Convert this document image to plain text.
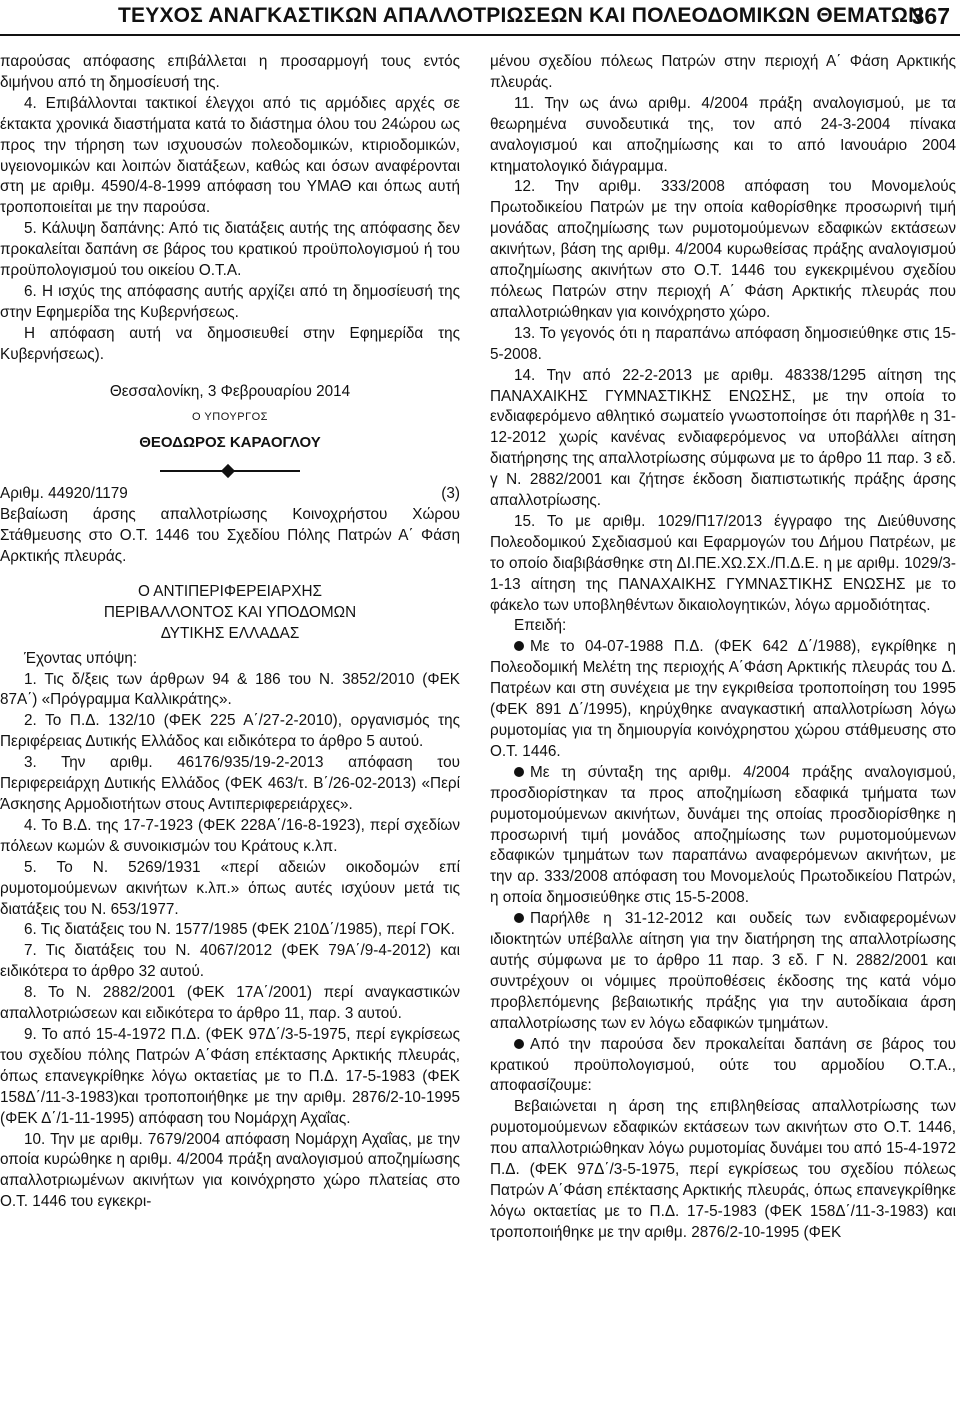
ΤΕΥΧΟΣ ΑΝΑΓΚΑΣΤΙΚΩΝ ΑΠΑΛΛΟΤΡΙΩΣΕΩΝ ΚΑΙ ΠΟΛΕΟΔΟΜΙΚΩΝ ΘΕΜΑΤΩΝ
367

παρούσας απόφασης επιβάλλεται η προσαρμογή τους εντός διμήνου από τη δημοσίευσή της.

4. Επιβάλλονται τακτικοί έλεγχοι από τις αρμόδιες αρχές σε έκτακτα χρονικά διαστήματα κατά το διάστημα όλου του 24ώρου ως προς την τήρηση των ισχυουσών πολεοδομικών, κτιριοδομικών, υγειονομικών και λοιπών διατάξεων, καθώς και όσων αναφέρονται στη με αριθμ. 4590/4-8-1999 απόφαση του ΥΜΑΘ και όπως αυτή τροποποιείται με την παρούσα.

5. Κάλυψη δαπάνης: Από τις διατάξεις αυτής της απόφασης δεν προκαλείται δαπάνη σε βάρος του κρατικού προϋπολογισμού ή του προϋπολογισμού του οικείου Ο.Τ.Α.

6. Η ισχύς της απόφασης αυτής αρχίζει από τη δημοσίευσή της στην Εφημερίδα της Κυβερνήσεως.

Η απόφαση αυτή να δημοσιευθεί στην Εφημερίδα της Κυβερνήσεως).

Θεσσαλονίκη, 3 Φεβρουαρίου 2014
Ο ΥΠΟΥΡΓΟΣ
ΘΕΟΔΩΡΟΣ ΚΑΡΑΟΓΛΟΥ
Αριθμ. 44920/1179	(3)

Βεβαίωση άρσης απαλλοτρίωσης Κοινοχρήστου Χώρου Στάθμευσης στο Ο.Τ. 1446 του Σχεδίου Πόλης Πατρών Α΄ Φάση Αρκτικής πλευράς.

Ο ΑΝΤΙΠΕΡΙΦΕΡΕΙΑΡΧΗΣ
ΠΕΡΙΒΑΛΛΟΝΤΟΣ ΚΑΙ ΥΠΟΔΟΜΩΝ
ΔΥΤΙΚΗΣ ΕΛΛΑΔΑΣ

Έχοντας υπόψη:

1. Τις δ/ξεις των άρθρων 94 & 186 του Ν. 3852/2010 (ΦΕΚ 87Α΄) «Πρόγραμμα Καλλικράτης».

2. Το Π.Δ. 132/10 (ΦΕΚ 225 Α΄/27-2-2010), οργανισμός της Περιφέρειας Δυτικής Ελλάδος και ειδικότερα το άρθρο 5 αυτού.

3. Την αριθμ. 46176/935/19-2-2013 απόφαση του Περιφερειάρχη Δυτικής Ελλάδος (ΦΕΚ 463/τ. Β΄/26-02-2013) «Περί Άσκησης Αρμοδιοτήτων στους Αντιπεριφερειάρχες».

4. Το Β.Δ. της 17-7-1923 (ΦΕΚ 228Α΄/16-8-1923), περί σχεδίων πόλεων κωμών & συνοικισμών του Κράτους κ.λπ.

5. Το Ν. 5269/1931 «περί αδειών οικοδομών επί ρυμοτομούμενων ακινήτων κ.λπ.» όπως αυτές ισχύουν μετά τις διατάξεις του Ν. 653/1977.

6. Τις διατάξεις του Ν. 1577/1985 (ΦΕΚ 210Δ΄/1985), περί ΓΟΚ.

7. Τις διατάξεις του Ν. 4067/2012 (ΦΕΚ 79Α΄/9-4-2012) και ειδικότερα το άρθρο 32 αυτού.

8. Το Ν. 2882/2001 (ΦΕΚ 17Α΄/2001) περί αναγκαστικών απαλλοτριώσεων και ειδικότερα το άρθρο 11, παρ. 3 αυτού.

9. Το από 15-4-1972 Π.Δ. (ΦΕΚ 97Δ΄/3-5-1975, περί εγκρίσεως του σχεδίου πόλης Πατρών Α΄Φάση επέκτασης Αρκτικής πλευράς, όπως επανεγκρίθηκε λόγω οκταετίας με το Π.Δ. 17-5-1983 (ΦΕΚ 158Δ΄/11-3-1983)και τροποποιήθηκε με την αριθμ. 2876/2-10-1995 (ΦΕΚ Δ΄/1-11-1995) απόφαση του Νομάρχη Αχαΐας.

10. Την με αριθμ. 7679/2004 απόφαση Νομάρχη Αχαΐας, με την οποία κυρώθηκε η αριθμ. 4/2004 πράξη αναλογισμού αποζημίωσης απαλλοτριωμένων ακινήτων για κοινόχρηστο χώρο πλατείας στο Ο.Τ. 1446 του εγκεκρι-

μένου σχεδίου πόλεως Πατρών στην περιοχή Α΄ Φάση Αρκτικής πλευράς.

11. Την ως άνω αριθμ. 4/2004 πράξη αναλογισμού, με τα θεωρημένα συνοδευτικά της, τον από 24-3-2004 πίνακα αναλογισμού και αποζημίωσης και το από Ιανουάριο 2004 κτηματολογικό διάγραμμα.

12. Την αριθμ. 333/2008 απόφαση του Μονομελούς Πρωτοδικείου Πατρών με την οποία καθορίσθηκε προσωρινή τιμή μονάδας αποζημίωσης των ρυμοτομούμενων εδαφικών εκτάσεων ακινήτων, βάση της αριθμ. 4/2004 κυρωθείσας πράξης αναλογισμού αποζημίωσης ακινήτων στο Ο.Τ. 1446 του εγκεκριμένου σχεδίου πόλεως Πατρών στην περιοχή Α΄ Φάση Αρκτικής πλευράς που απαλλοτριώθηκαν για κοινόχρηστο χώρο.

13. Το γεγονός ότι η παραπάνω απόφαση δημοσιεύθηκε στις 15-5-2008.

14. Την από 22-2-2013 με αριθμ. 48338/1295 αίτηση της ΠΑΝΑΧΑΙΚΗΣ ΓΥΜΝΑΣΤΙΚΗΣ ΕΝΩΣΗΣ, με την οποία το ενδιαφερόμενο αθλητικό σωματείο γνωστοποίησε ότι παρήλθε η 31-12-2012 χωρίς κανένας ενδιαφερόμενος να υποβάλλει αίτηση διατήρησης της απαλλοτρίωσης σύμφωνα με το άρθρο 11 παρ. 3 εδ. γ Ν. 2882/2001 και ζήτησε έκδοση διαπιστωτικής πράξης άρσης απαλλοτρίωσης.

15. Το με αριθμ. 1029/Π17/2013 έγγραφο της Διεύθυνσης Πολεοδομικού Σχεδιασμού και Εφαρμογών του Δήμου Πατρέων, με το οποίο διαβιβάσθηκε στη ΔΙ.ΠΕ.ΧΩ.ΣΧ./Π.Δ.Ε. η με αριθμ. 1029/3-1-13 αίτηση της ΠΑΝΑΧΑΙΚΗΣ ΓΥΜΝΑΣΤΙΚΗΣ ΕΝΩΣΗΣ με το φάκελο των υποβληθέντων δικαιολογητικών, λόγω αρμοδιότητας.

Επειδή:

Με το 04-07-1988 Π.Δ. (ΦΕΚ 642 Δ΄/1988), εγκρίθηκε η Πολεοδομική Μελέτη της περιοχής Α΄Φάση Αρκτικής πλευράς του Δ. Πατρέων και στη συνέχεια με την εγκριθείσα τροποποίηση του 1995 (ΦΕΚ 891 Δ΄/1995), κηρύχθηκε αναγκαστική απαλλοτρίωση λόγω ρυμοτομίας για τη δημιουργία κοινόχρηστου χώρου στάθμευσης στο Ο.Τ. 1446.

Με τη σύνταξη της αριθμ. 4/2004 πράξης αναλογισμού, προσδιορίστηκαν τα προς αποζημίωση εδαφικά τμήματα των ρυμοτομούμενων ακινήτων, δυνάμει της οποίας προσδιορίσθηκε η προσωρινή τιμή μονάδος αποζημίωσης των ρυμοτομούμενων εδαφικών τμημάτων των παραπάνω αναφερόμενων ακινήτων, με την αρ. 333/2008 απόφαση του Μονομελούς Πρωτοδικείου Πατρών, η οποία δημοσιεύθηκε στις 15-5-2008.

Παρήλθε η 31-12-2012 και ουδείς των ενδιαφερομένων ιδιοκτητών υπέβαλλε αίτηση για την διατήρηση της απαλλοτρίωσης αυτής σύμφωνα με το άρθρο 11 παρ. 3 εδ. Γ Ν. 2882/2001 και συντρέχουν οι νόμιμες προϋποθέσεις έκδοσης της κατά νόμο προβλεπόμενης βεβαιωτικής πράξης για την αυτοδίκαια άρση απαλλοτρίωσης των εν λόγω εδαφικών τμημάτων.

Από την παρούσα δεν προκαλείται δαπάνη σε βάρος του κρατικού προϋπολογισμού, ούτε του αρμοδίου Ο.Τ.Α., αποφασίζουμε:

Βεβαιώνεται η άρση της επιβληθείσας απαλλοτρίωσης των ρυμοτομούμενων εδαφικών εκτάσεων των ακινήτων στο Ο.Τ. 1446, που απαλλοτριώθηκαν λόγω ρυμοτομίας δυνάμει του από 15-4-1972 Π.Δ. (ΦΕΚ 97Δ΄/3-5-1975, περί εγκρίσεως του σχεδίου πόλεως Πατρών Α΄Φάση επέκτασης Αρκτικής πλευράς, όπως επανεγκρίθηκε λόγω οκταετίας με το Π.Δ. 17-5-1983 (ΦΕΚ 158Δ΄/11-3-1983) και τροποποιήθηκε με την αριθμ. 2876/2-10-1995 (ΦΕΚ
